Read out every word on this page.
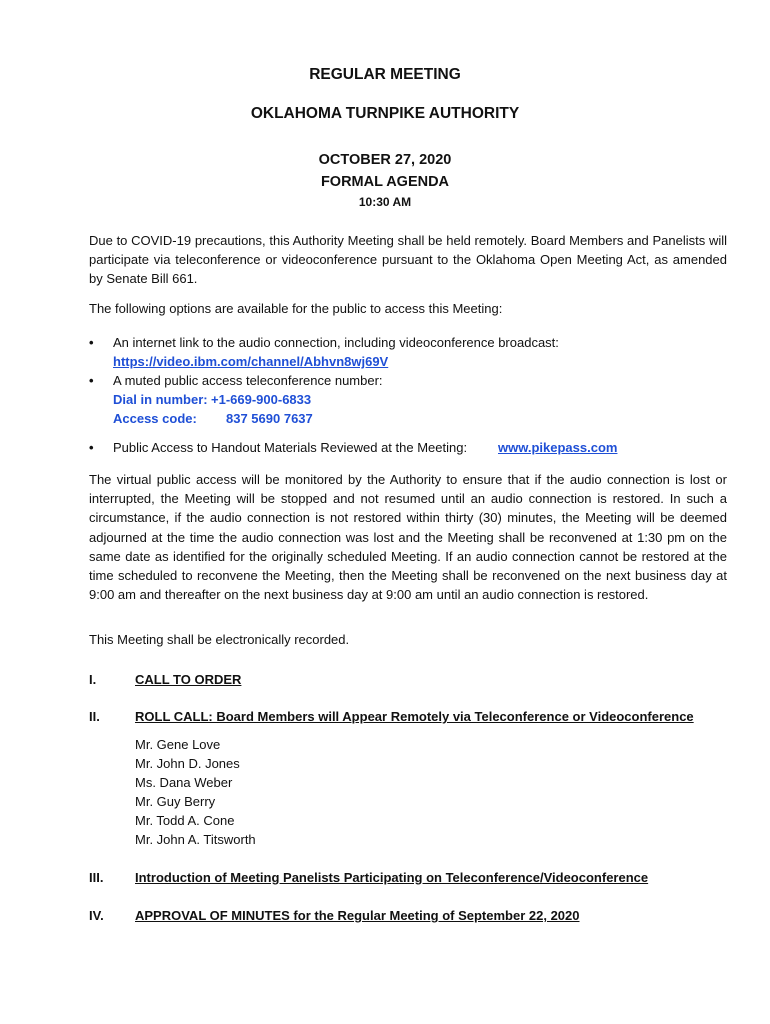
REGULAR MEETING
OKLAHOMA TURNPIKE AUTHORITY
OCTOBER 27, 2020
FORMAL AGENDA
10:30 AM

Due to COVID-19 precautions, this Authority Meeting shall be held remotely. Board Members and Panelists will participate via teleconference or videoconference pursuant to the Oklahoma Open Meeting Act, as amended by Senate Bill 661.

The following options are available for the public to access this Meeting:

• An internet link to the audio connection, including videoconference broadcast:
https://video.ibm.com/channel/Abhvn8wj69V
• A muted public access teleconference number:
Dial in number: +1-669-900-6833
Access code: 837 5690 7637
• Public Access to Handout Materials Reviewed at the Meeting: www.pikepass.com

The virtual public access will be monitored by the Authority to ensure that if the audio connection is lost or interrupted, the Meeting will be stopped and not resumed until an audio connection is restored. In such a circumstance, if the audio connection is not restored within thirty (30) minutes, the Meeting will be deemed adjourned at the time the audio connection was lost and the Meeting shall be reconvened at 1:30 pm on the same date as identified for the originally scheduled Meeting. If an audio connection cannot be restored at the time scheduled to reconvene the Meeting, then the Meeting shall be reconvened on the next business day at 9:00 am and thereafter on the next business day at 9:00 am until an audio connection is restored.

This Meeting shall be electronically recorded.

I.	CALL TO ORDER
II.	ROLL CALL: Board Members will Appear Remotely via Teleconference or Videoconference
Mr. Gene Love
Mr. John D. Jones
Ms. Dana Weber
Mr. Guy Berry
Mr. Todd A. Cone
Mr. John A. Titsworth
III. Introduction of Meeting Panelists Participating on Teleconference/Videoconference
IV. APPROVAL OF MINUTES for the Regular Meeting of September 22, 2020
